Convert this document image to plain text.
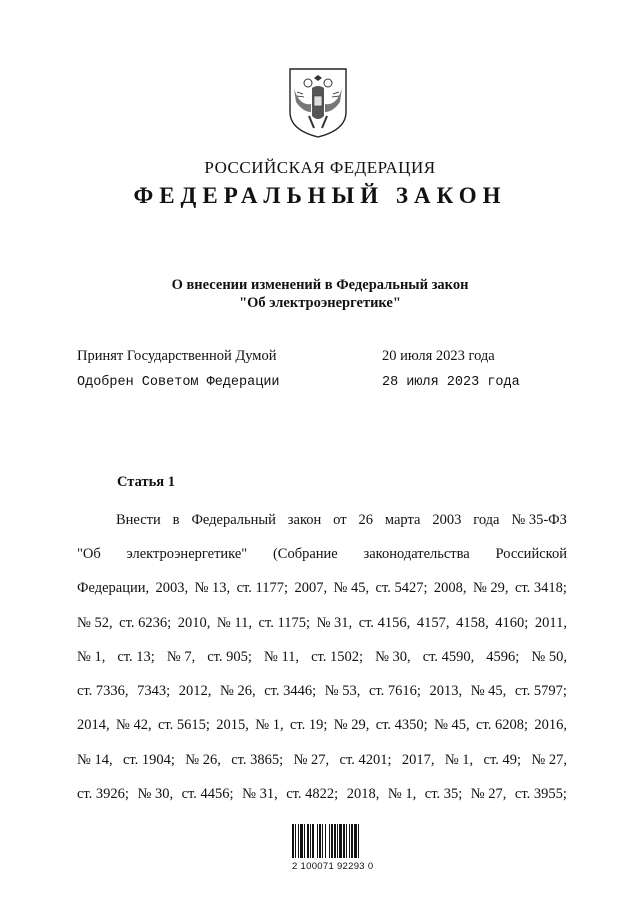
РОССИЙСКАЯ ФЕДЕРАЦИЯ
ФЕДЕРАЛЬНЫЙ ЗАКОН
О внесении изменений в Федеральный закон
"Об электроэнергетике"
Принят Государственной Думой	20 июля 2023 года
Одобрен Советом Федерации	28 июля 2023 года
Статья 1
Внести в Федеральный закон от 26 марта 2003 года № 35-ФЗ
"Об электроэнергетике" (Собрание законодательства Российской
Федерации, 2003, № 13, ст. 1177; 2007, № 45, ст. 5427; 2008, № 29, ст. 3418;
№ 52, ст. 6236; 2010, № 11, ст. 1175; № 31, ст. 4156, 4157, 4158, 4160; 2011,
№ 1, ст. 13; № 7, ст. 905; № 11, ст. 1502; № 30, ст. 4590, 4596; № 50,
ст. 7336, 7343; 2012, № 26, ст. 3446; № 53, ст. 7616; 2013, № 45, ст. 5797;
2014, № 42, ст. 5615; 2015, № 1, ст. 19; № 29, ст. 4350; № 45, ст. 6208; 2016,
№ 14, ст. 1904; № 26, ст. 3865; № 27, ст. 4201; 2017, № 1, ст. 49; № 27,
ст. 3926; № 30, ст. 4456; № 31, ст. 4822; 2018, № 1, ст. 35; № 27, ст. 3955;
2 100071 92293 0
